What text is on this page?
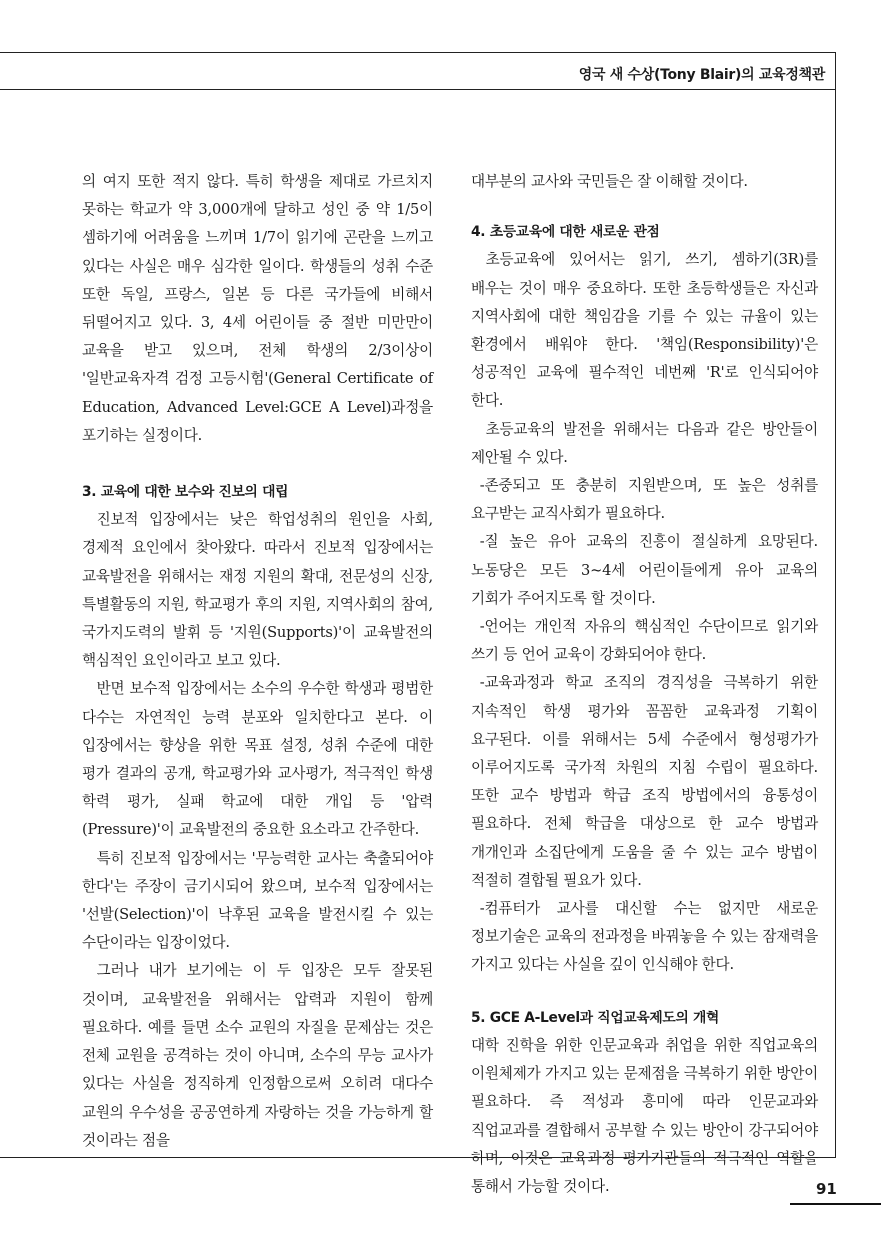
영국 새 수상(Tony Blair)의 교육정책관

의 여지 또한 적지 않다. 특히 학생을 제대로 가르치지 못하는 학교가 약 3,000개에 달하고 성인 중 약 1/5이 셈하기에 어려움을 느끼며 1/7이 읽기에 곤란을 느끼고 있다는 사실은 매우 심각한 일이다. 학생들의 성취 수준 또한 독일, 프랑스, 일본 등 다른 국가들에 비해서 뒤떨어지고 있다. 3, 4세 어린이들 중 절반 미만만이 교육을 받고 있으며, 전체 학생의 2/3이상이 '일반교육자격 검정 고등시험'(General Certificate of Education, Advanced Level:GCE A Level)과정을 포기하는 실정이다.

3. 교육에 대한 보수와 진보의 대립

진보적 입장에서는 낮은 학업성취의 원인을 사회, 경제적 요인에서 찾아왔다. 따라서 진보적 입장에서는 교육발전을 위해서는 재정 지원의 확대, 전문성의 신장, 특별활동의 지원, 학교평가 후의 지원, 지역사회의 참여, 국가지도력의 발휘 등 '지원(Supports)'이 교육발전의 핵심적인 요인이라고 보고 있다.

반면 보수적 입장에서는 소수의 우수한 학생과 평범한 다수는 자연적인 능력 분포와 일치한다고 본다. 이 입장에서는 향상을 위한 목표 설정, 성취 수준에 대한 평가 결과의 공개, 학교평가와 교사평가, 적극적인 학생 학력 평가, 실패 학교에 대한 개입 등 '압력(Pressure)'이 교육발전의 중요한 요소라고 간주한다.

특히 진보적 입장에서는 '무능력한 교사는 축출되어야 한다'는 주장이 금기시되어 왔으며, 보수적 입장에서는 '선발(Selection)'이 낙후된 교육을 발전시킬 수 있는 수단이라는 입장이었다.

그러나 내가 보기에는 이 두 입장은 모두 잘못된 것이며, 교육발전을 위해서는 압력과 지원이 함께 필요하다. 예를 들면 소수 교원의 자질을 문제삼는 것은 전체 교원을 공격하는 것이 아니며, 소수의 무능 교사가 있다는 사실을 정직하게 인정함으로써 오히려 대다수 교원의 우수성을 공공연하게 자랑하는 것을 가능하게 할 것이라는 점을

대부분의 교사와 국민들은 잘 이해할 것이다.

4. 초등교육에 대한 새로운 관점

초등교육에 있어서는 읽기, 쓰기, 셈하기(3R)를 배우는 것이 매우 중요하다. 또한 초등학생들은 자신과 지역사회에 대한 책임감을 기를 수 있는 규율이 있는 환경에서 배워야 한다. '책임(Responsibility)'은 성공적인 교육에 필수적인 네번째 'R'로 인식되어야 한다.

초등교육의 발전을 위해서는 다음과 같은 방안들이 제안될 수 있다.

-존중되고 또 충분히 지원받으며, 또 높은 성취를 요구받는 교직사회가 필요하다.

-질 높은 유아 교육의 진흥이 절실하게 요망된다. 노동당은 모든 3~4세 어린이들에게 유아 교육의 기회가 주어지도록 할 것이다.

-언어는 개인적 자유의 핵심적인 수단이므로 읽기와 쓰기 등 언어 교육이 강화되어야 한다.

-교육과정과 학교 조직의 경직성을 극복하기 위한 지속적인 학생 평가와 꼼꼼한 교육과정 기획이 요구된다. 이를 위해서는 5세 수준에서 형성평가가 이루어지도록 국가적 차원의 지침 수립이 필요하다. 또한 교수 방법과 학급 조직 방법에서의 융통성이 필요하다. 전체 학급을 대상으로 한 교수 방법과 개개인과 소집단에게 도움을 줄 수 있는 교수 방법이 적절히 결합될 필요가 있다.

-컴퓨터가 교사를 대신할 수는 없지만 새로운 정보기술은 교육의 전과정을 바꿔놓을 수 있는 잠재력을 가지고 있다는 사실을 깊이 인식해야 한다.

5. GCE A-Level과 직업교육제도의 개혁

대학 진학을 위한 인문교육과 취업을 위한 직업교육의 이원체제가 가지고 있는 문제점을 극복하기 위한 방안이 필요하다. 즉 적성과 흥미에 따라 인문교과와 직업교과를 결합해서 공부할 수 있는 방안이 강구되어야 하며, 이것은 교육과정 평가기관들의 적극적인 역할을 통해서 가능할 것이다.	91
